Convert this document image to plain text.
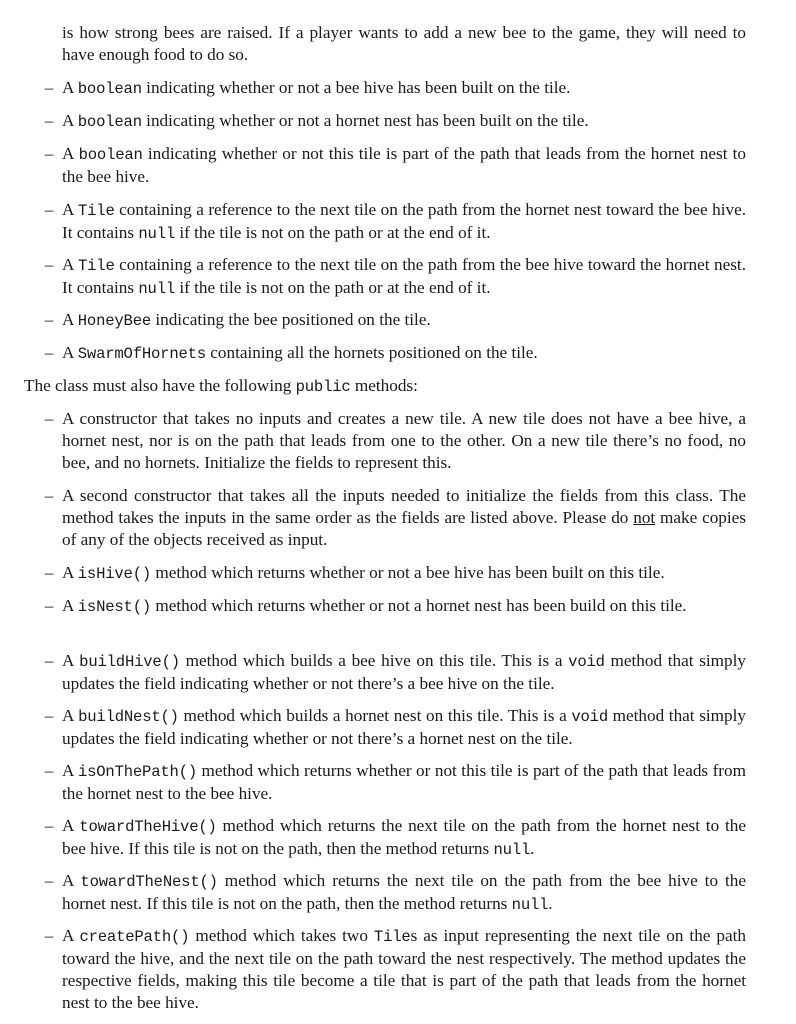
is how strong bees are raised. If a player wants to add a new bee to the game, they will need to have enough food to do so.

– A boolean indicating whether or not a bee hive has been built on the tile.
– A boolean indicating whether or not a hornet nest has been built on the tile.
– A boolean indicating whether or not this tile is part of the path that leads from the hornet nest to the bee hive.
– A Tile containing a reference to the next tile on the path from the hornet nest toward the bee hive. It contains null if the tile is not on the path or at the end of it.
– A Tile containing a reference to the next tile on the path from the bee hive toward the hornet nest. It contains null if the tile is not on the path or at the end of it.
– A HoneyBee indicating the bee positioned on the tile.
– A SwarmOfHornets containing all the hornets positioned on the tile.

The class must also have the following public methods:

– A constructor that takes no inputs and creates a new tile. A new tile does not have a bee hive, a hornet nest, nor is on the path that leads from one to the other. On a new tile there’s no food, no bee, and no hornets. Initialize the fields to represent this.
– A second constructor that takes all the inputs needed to initialize the fields from this class. The method takes the inputs in the same order as the fields are listed above. Please do not make copies of any of the objects received as input.
– A isHive() method which returns whether or not a bee hive has been built on this tile.
– A isNest() method which returns whether or not a hornet nest has been build on this tile.
– A buildHive() method which builds a bee hive on this tile. This is a void method that simply updates the field indicating whether or not there’s a bee hive on the tile.
– A buildNest() method which builds a hornet nest on this tile. This is a void method that simply updates the field indicating whether or not there’s a hornet nest on the tile.
– A isOnThePath() method which returns whether or not this tile is part of the path that leads from the hornet nest to the bee hive.
– A towardTheHive() method which returns the next tile on the path from the hornet nest to the bee hive. If this tile is not on the path, then the method returns null.
– A towardTheNest() method which returns the next tile on the path from the bee hive to the hornet nest. If this tile is not on the path, then the method returns null.
– A createPath() method which takes two Tiles as input representing the next tile on the path toward the hive, and the next tile on the path toward the nest respectively. The method updates the respective fields, making this tile become a tile that is part of the path that leads from the hornet nest to the bee hive.
